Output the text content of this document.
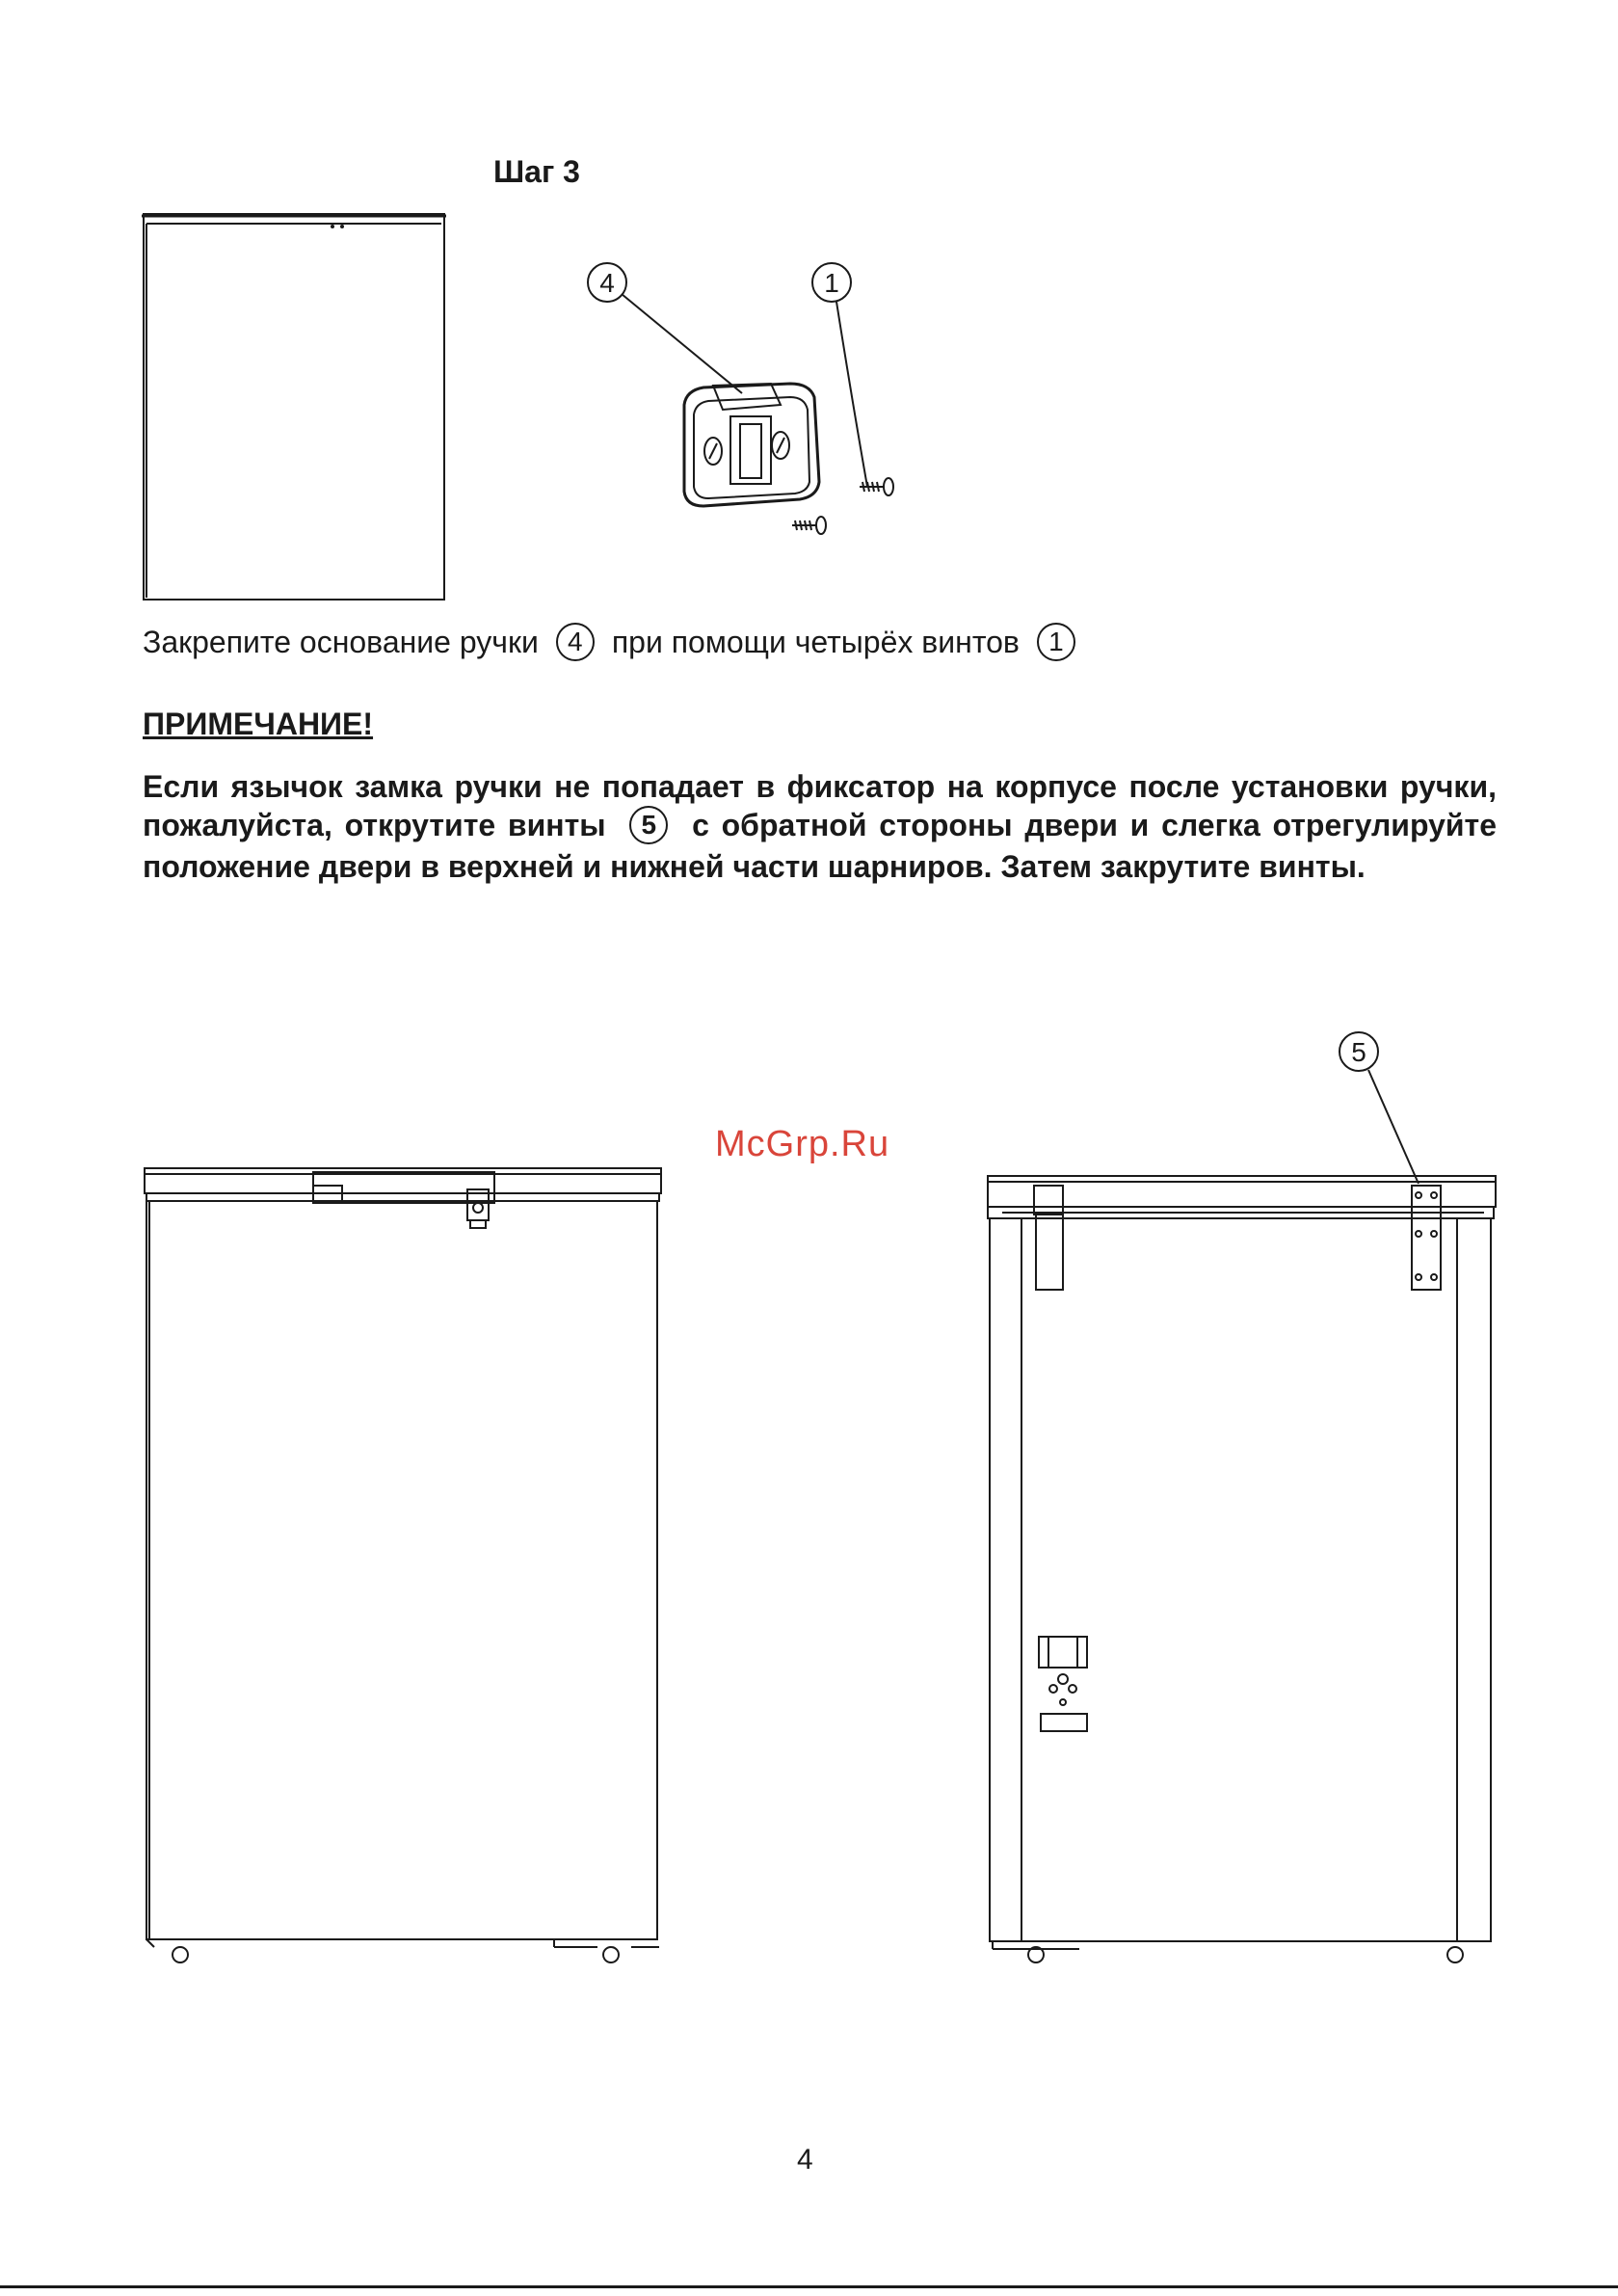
Шаг 3
4	1
Закрепите основание ручки 4 при помощи четырёх винтов 1
ПРИМЕЧАНИЕ!

Если язычок замка ручки не попадает в фиксатор на корпусе после установки ручки, пожалуйста, открутите винты 5 с обратной стороны двери и слегка отрегулируйте положение двери в верхней и нижней части шарниров. Затем закрутите винты.

McGrp.Ru
5
4
